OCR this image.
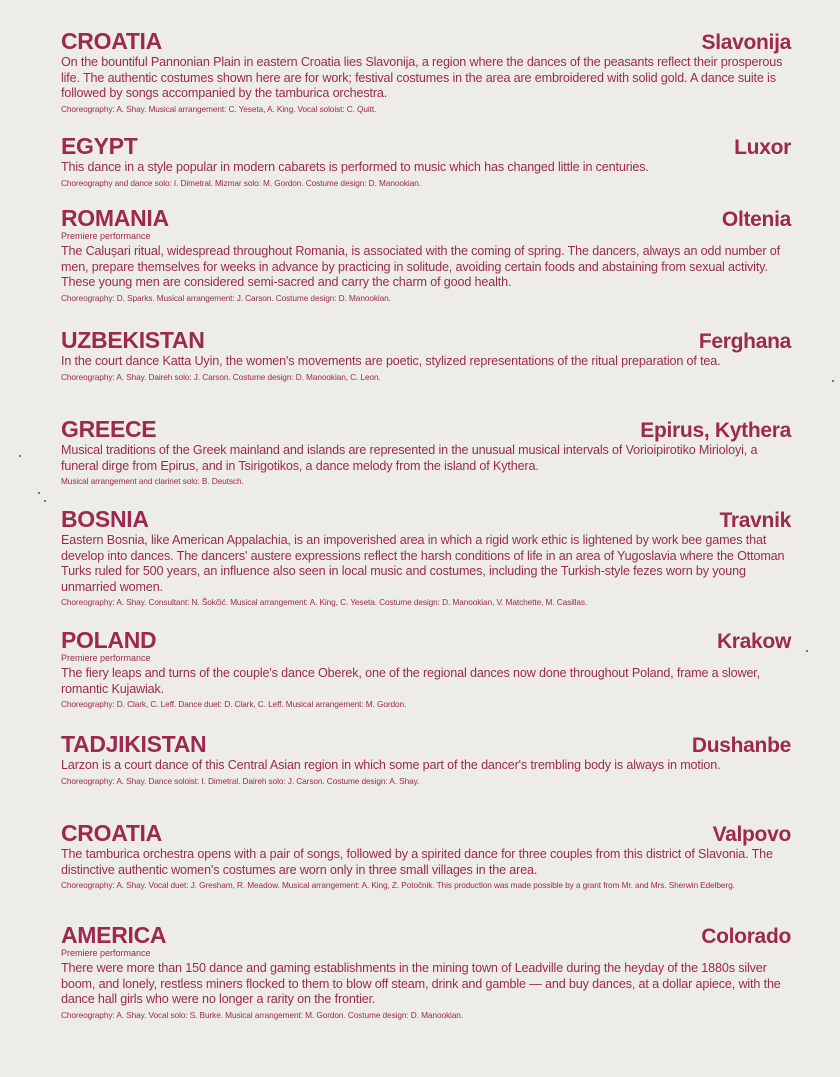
CROATIA	Slavonija

On the bountiful Pannonian Plain in eastern Croatia lies Slavonija, a region where the dances of the peasants reflect their prosperous life. The authentic costumes shown here are for work; festival costumes in the area are embroidered with solid gold. A dance suite is followed by songs accompanied by the tamburica orchestra.

Choreography: A. Shay. Musical arrangement: C. Yeseta, A. King. Vocal soloist: C. Quitt.
EGYPT	Luxor

This dance in a style popular in modern cabarets is performed to music which has changed little in centuries.

Choreography and dance solo: I. Dimetral. Mizmar solo: M. Gordon. Costume design: D. Manookian.
ROMANIA	Oltenia
Premiere performance

The Calușari ritual, widespread throughout Romania, is associated with the coming of spring. The dancers, always an odd number of men, prepare themselves for weeks in advance by practicing in solitude, avoiding certain foods and abstaining from sexual activity. These young men are considered semi-sacred and carry the charm of good health.

Choreography: D. Sparks. Musical arrangement: J. Carson. Costume design: D. Manookian.
UZBEKISTAN	Ferghana

In the court dance Katta Uyin, the women's movements are poetic, stylized representations of the ritual preparation of tea.

Choreography: A. Shay. Daireh solo: J. Carson. Costume design: D. Manookian, C. Leon.
GREECE	Epirus, Kythera

Musical traditions of the Greek mainland and islands are represented in the unusual musical intervals of Vorioipirotiko Mirioloyi, a funeral dirge from Epirus, and in Tsirigotikos, a dance melody from the island of Kythera.

Musical arrangement and clarinet solo: B. Deutsch.
BOSNIA	Travnik

Eastern Bosnia, like American Appalachia, is an impoverished area in which a rigid work ethic is lightened by work bee games that develop into dances. The dancers' austere expressions reflect the harsh conditions of life in an area of Yugoslavia where the Ottoman Turks ruled for 500 years, an influence also seen in local music and costumes, including the Turkish-style fezes worn by young unmarried women.

Choreography: A. Shay. Consultant: N. Šokčić. Musical arrangement: A. King, C. Yeseta. Costume design: D. Manookian, V. Matchette, M. Casillas.
POLAND	Krakow
Premiere performance

The fiery leaps and turns of the couple's dance Oberek, one of the regional dances now done throughout Poland, frame a slower, romantic Kujawiak.

Choreography: D. Clark, C. Leff. Dance duet: D. Clark, C. Leff. Musical arrangement: M. Gordon.
TADJIKISTAN	Dushanbe

Larzon is a court dance of this Central Asian region in which some part of the dancer's trembling body is always in motion.

Choreography: A. Shay. Dance soloist: I. Dimetral. Daireh solo: J. Carson. Costume design: A. Shay.
CROATIA	Valpovo

The tamburica orchestra opens with a pair of songs, followed by a spirited dance for three couples from this district of Slavonia. The distinctive authentic women's costumes are worn only in three small villages in the area.

Choreography: A. Shay. Vocal duet: J. Gresham, R. Meadow. Musical arrangement: A. King, Z. Potočnik. This production was made possible by a grant from Mr. and Mrs. Sherwin Edelberg.
AMERICA	Colorado
Premiere performance

There were more than 150 dance and gaming establishments in the mining town of Leadville during the heyday of the 1880s silver boom, and lonely, restless miners flocked to them to blow off steam, drink and gamble — and buy dances, at a dollar apiece, with the dance hall girls who were no longer a rarity on the frontier.

Choreography: A. Shay. Vocal solo: S. Burke. Musical arrangement: M. Gordon. Costume design: D. Manookian.
